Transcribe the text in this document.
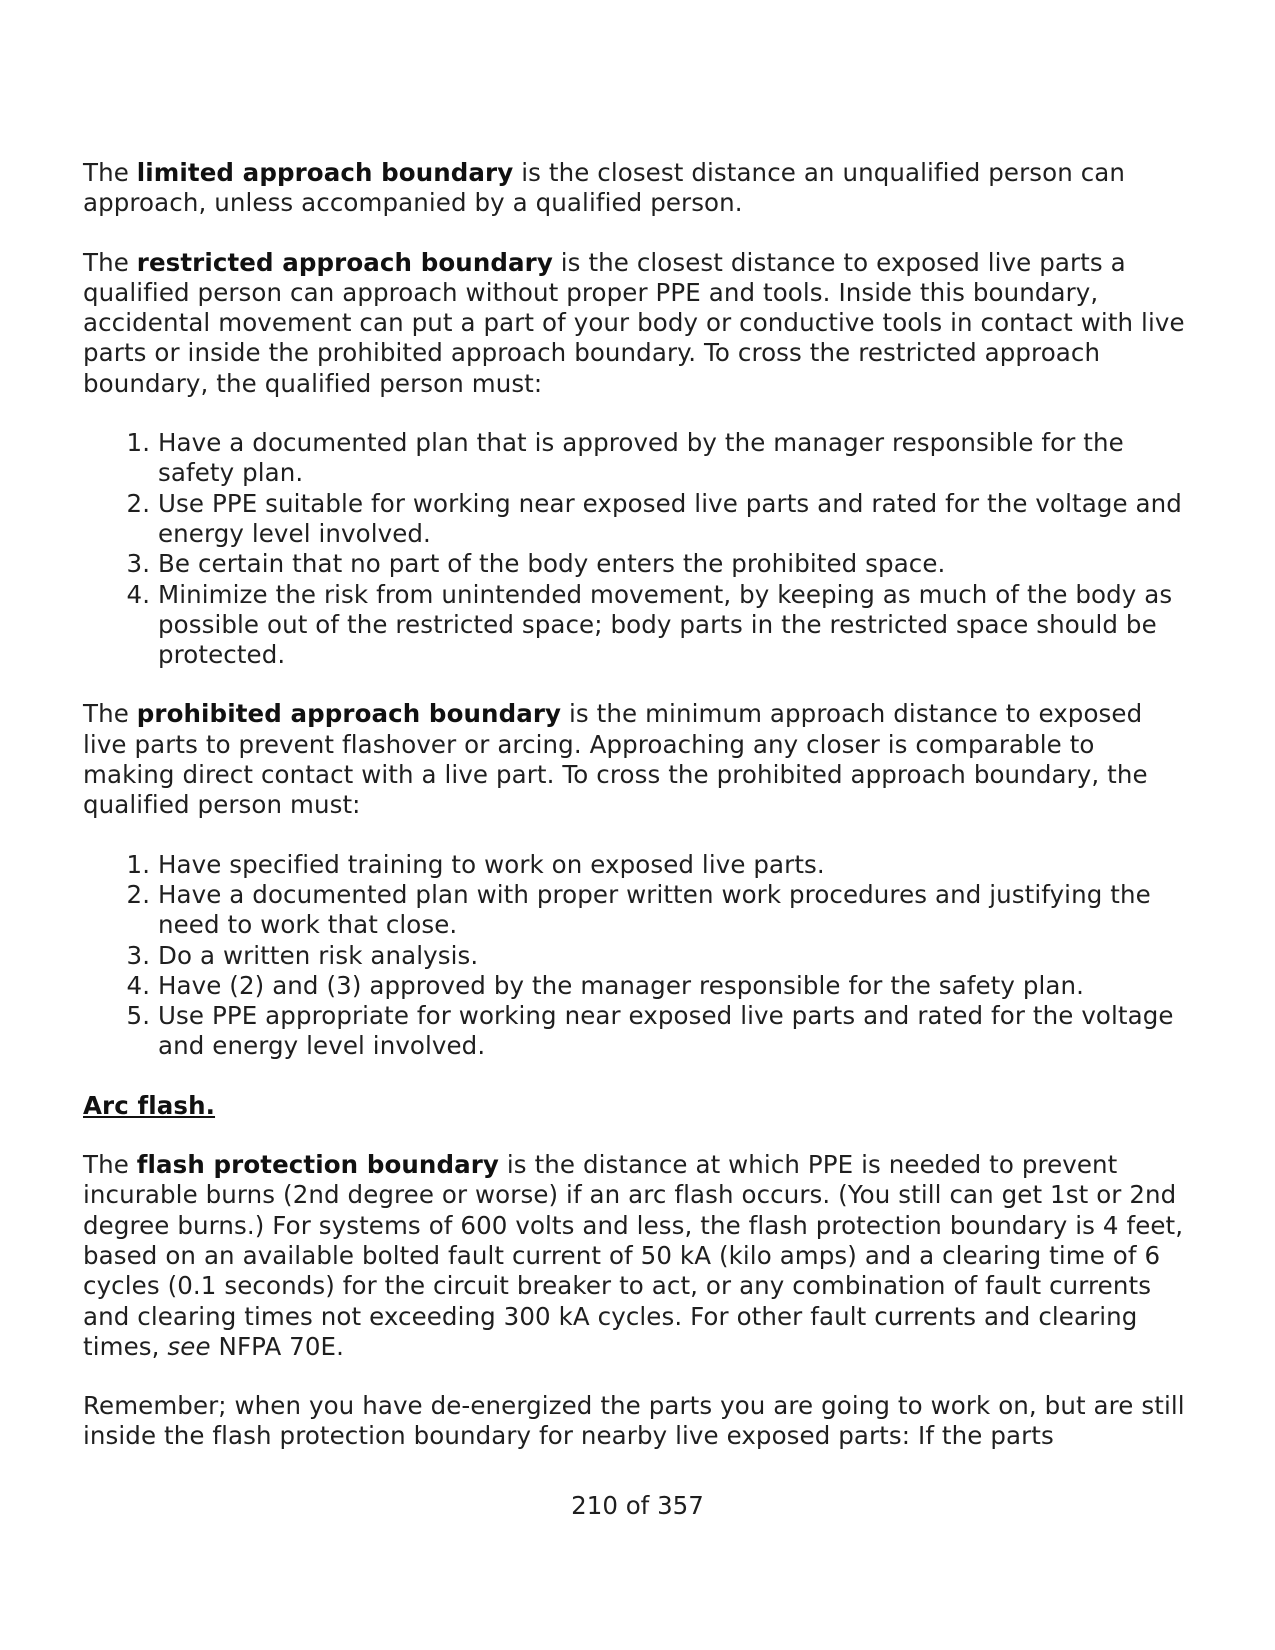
The limited approach boundary is the closest distance an unqualified person can approach, unless accompanied by a qualified person.

The restricted approach boundary is the closest distance to exposed live parts a qualified person can approach without proper PPE and tools. Inside this boundary, accidental movement can put a part of your body or conductive tools in contact with live parts or inside the prohibited approach boundary. To cross the restricted approach boundary, the qualified person must:

1. Have a documented plan that is approved by the manager responsible for the safety plan.
2. Use PPE suitable for working near exposed live parts and rated for the voltage and energy level involved.
3. Be certain that no part of the body enters the prohibited space.
4. Minimize the risk from unintended movement, by keeping as much of the body as possible out of the restricted space; body parts in the restricted space should be protected.

The prohibited approach boundary is the minimum approach distance to exposed live parts to prevent flashover or arcing. Approaching any closer is comparable to making direct contact with a live part. To cross the prohibited approach boundary, the qualified person must:

1. Have specified training to work on exposed live parts.
2. Have a documented plan with proper written work procedures and justifying the need to work that close.
3. Do a written risk analysis.
4. Have (2) and (3) approved by the manager responsible for the safety plan.
5. Use PPE appropriate for working near exposed live parts and rated for the voltage and energy level involved.

Arc flash.

The flash protection boundary is the distance at which PPE is needed to prevent incurable burns (2nd degree or worse) if an arc flash occurs. (You still can get 1st or 2nd degree burns.) For systems of 600 volts and less, the flash protection boundary is 4 feet, based on an available bolted fault current of 50 kA (kilo amps) and a clearing time of 6 cycles (0.1 seconds) for the circuit breaker to act, or any combination of fault currents and clearing times not exceeding 300 kA cycles. For other fault currents and clearing times, see NFPA 70E.

Remember; when you have de-energized the parts you are going to work on, but are still inside the flash protection boundary for nearby live exposed parts: If the parts

210 of 357
